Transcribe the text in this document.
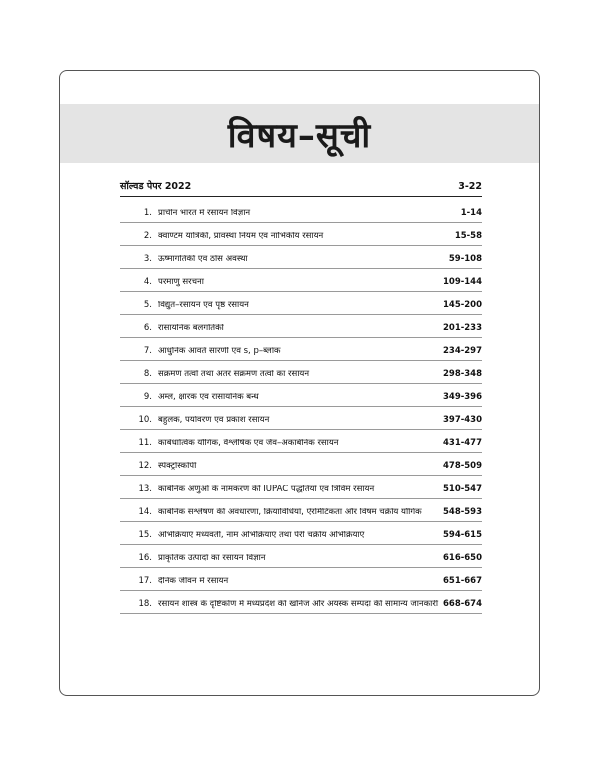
विषय–सूची
सॉल्वड पेपर 2022	3-22
1. प्राचीन भारत में रसायन विज्ञान	1-14
2. क्वाण्टम यांत्रिकी, प्रावस्था नियम एवं नाभिकीय रसायन	15-58
3. ऊष्मागतिकी एवं ठोस अवस्था	59-108
4. परमाणु संरचना	109-144
5. विद्युत–रसायन एवं पृष्ठ रसायन	145-200
6. रासायनिक बलगतिकी	201-233
7. आधुनिक आवर्त सारणी एवं s, p–ब्लॉक	234-297
8. संक्रमण तत्वों तथा अंतर संक्रमण तत्वों का रसायन	298-348
9. अम्ल, क्षारक एवं रासायनिक बन्ध	349-396
10. बहुलक, पर्यावरण एवं प्रकाश रसायन	397-430
11. कार्बधात्विक यौगिक, वैश्लेषिक एवं जैव–अकार्बनिक रसायन	431-477
12. स्पेक्ट्रोस्कोपी	478-509
13. कार्बनिक अणुओं के नामकरण की IUPAC पद्धतियाँ एवं त्रिविम रसायन	510-547
14. कार्बनिक संश्लेषण की अवधारणा, क्रियाविधियाँ, ऐरोमैटिकता और विषम चक्रीय यौगिक	548-593
15. अभिक्रियाएँ मध्यवर्ती, नाम अभिक्रियाएँ तथा पेरी चक्रीय अभिक्रियाएँ	594-615
16. प्राकृतिक उत्पादों का रसायन विज्ञान	616-650
17. दैनिक जीवन में रसायन	651-667
18. रसायन शास्त्र के दृष्टिकोण में मध्यप्रदेश की खनिज और अयस्क सम्पदा की सामान्य जानकारी 668-674
